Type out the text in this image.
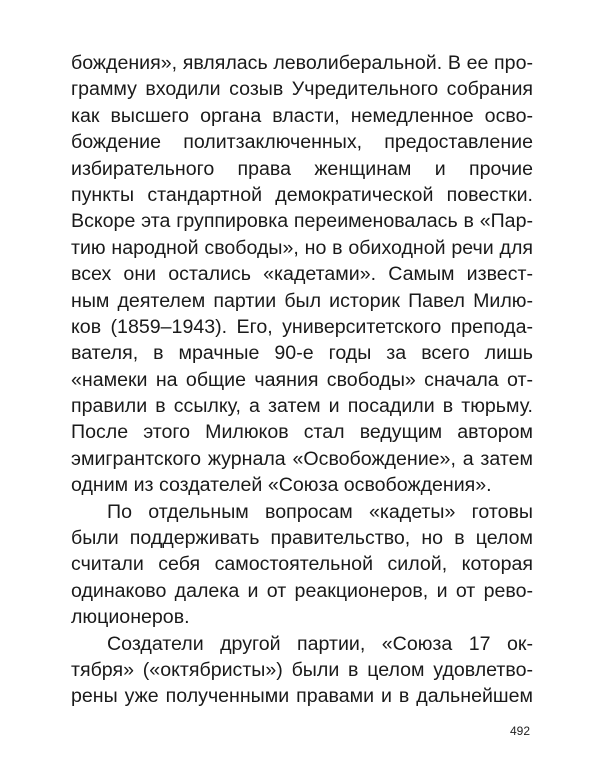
бождения», являлась леволиберальной. В ее про-
грамму входили созыв Учредительного собрания
как высшего органа власти, немедленное осво-
бождение политзаключенных, предоставление
избирательного права женщинам и прочие
пункты стандартной демократической повестки.
Вскоре эта группировка переименовалась в «Пар-
тию народной свободы», но в обиходной речи для
всех они остались «кадетами». Самым извест-
ным деятелем партии был историк Павел Милю-
ков (1859–1943). Его, университетского препода-
вателя, в мрачные 90-е годы за всего лишь
«намеки на общие чаяния свободы» сначала от-
правили в ссылку, а затем и посадили в тюрьму.
После этого Милюков стал ведущим автором
эмигрантского журнала «Освобождение», а затем
одним из создателей «Союза освобождения».
По отдельным вопросам «кадеты» готовы
были поддерживать правительство, но в целом
считали себя самостоятельной силой, которая
одинаково далека и от реакционеров, и от рево-
люционеров.
Создатели другой партии, «Союза 17 ок-
тября» («октябристы») были в целом удовлетво-
рены уже полученными правами и в дальнейшем
492
